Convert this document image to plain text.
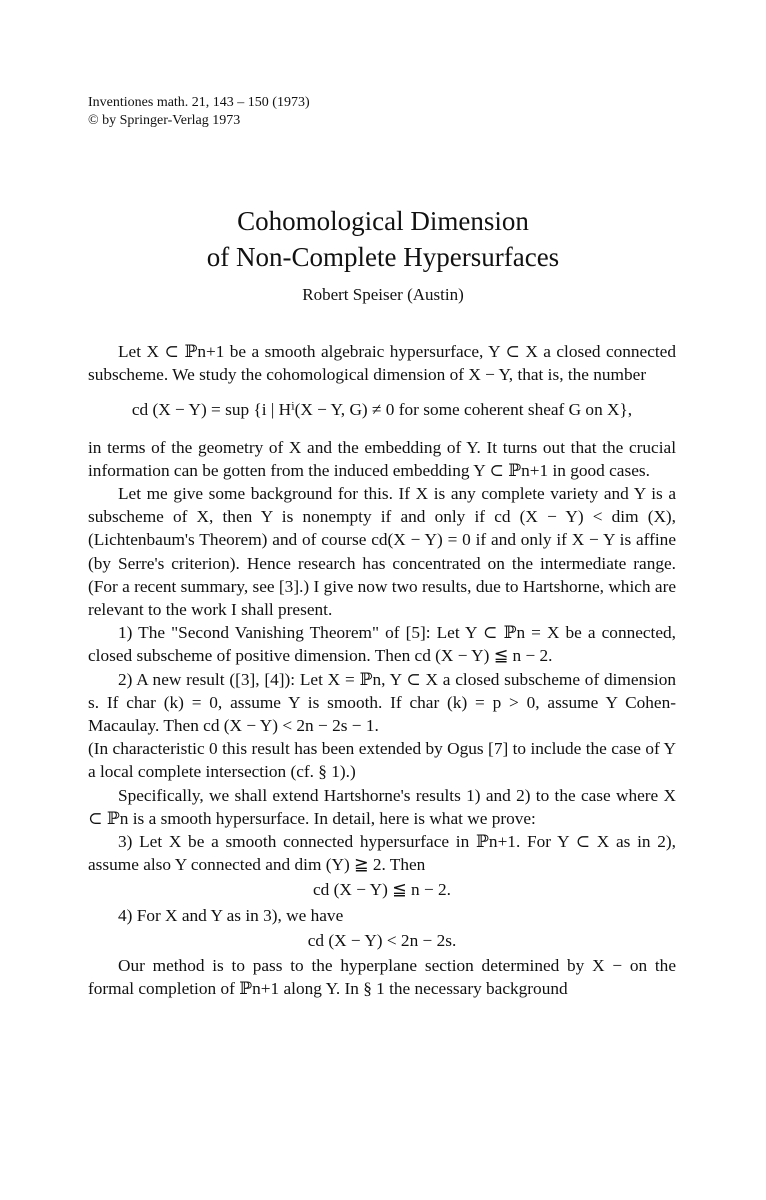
Inventiones math. 21, 143 – 150 (1973)
© by Springer-Verlag 1973
Cohomological Dimension
of Non-Complete Hypersurfaces
Robert Speiser (Austin)

Let X ⊂ ℙn+1 be a smooth algebraic hypersurface, Y ⊂ X a closed connected subscheme. We study the cohomological dimension of X − Y, that is, the number

cd (X − Y) = sup {i | Hⁱ(X − Y, G) ≠ 0 for some coherent sheaf G on X},

in terms of the geometry of X and the embedding of Y. It turns out that the crucial information can be gotten from the induced embedding Y ⊂ ℙn+1 in good cases.

Let me give some background for this. If X is any complete variety and Y is a subscheme of X, then Y is nonempty if and only if cd (X − Y) < dim (X), (Lichtenbaum's Theorem) and of course cd(X − Y) = 0 if and only if X − Y is affine (by Serre's criterion). Hence research has concentrated on the intermediate range. (For a recent summary, see [3].) I give now two results, due to Hartshorne, which are relevant to the work I shall present.

1) The "Second Vanishing Theorem" of [5]: Let Y ⊂ ℙn = X be a connected, closed subscheme of positive dimension. Then cd (X − Y) ≦ n − 2.

2) A new result ([3], [4]): Let X = ℙn, Y ⊂ X a closed subscheme of dimension s. If char (k) = 0, assume Y is smooth. If char (k) = p > 0, assume Y Cohen-Macaulay. Then cd (X − Y) < 2n − 2s − 1.

(In characteristic 0 this result has been extended by Ogus [7] to include the case of Y a local complete intersection (cf. § 1).)

Specifically, we shall extend Hartshorne's results 1) and 2) to the case where X ⊂ ℙn is a smooth hypersurface. In detail, here is what we prove:

3) Let X be a smooth connected hypersurface in ℙn+1. For Y ⊂ X as in 2), assume also Y connected and dim (Y) ≧ 2. Then

cd (X − Y) ≦ n − 2.

4) For X and Y as in 3), we have

cd (X − Y) < 2n − 2s.

Our method is to pass to the hyperplane section determined by X − on the formal completion of ℙn+1 along Y. In § 1 the necessary background
